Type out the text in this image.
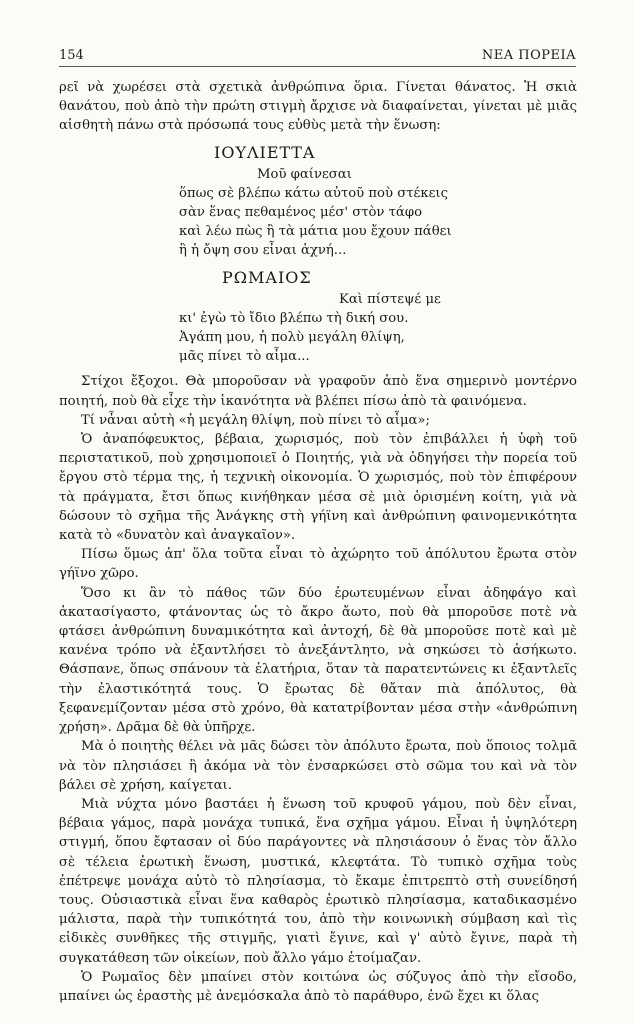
154	ΝΕΑ ΠΟΡΕΙΑ

ρεῖ νὰ χωρέσει στὰ σχετικὰ ἀνθρώπινα ὅρια. Γίνεται θάνατος. Ἡ σκιὰ θανάτου, ποὺ ἀπὸ τὴν πρώτη στιγμὴ ἄρχισε νὰ διαφαίνεται, γίνεται μὲ μιᾶς αἰσθητὴ πάνω στὰ πρόσωπά τους εὐθὺς μετὰ τὴν ἕνωση:

ΙΟΥΛΙΕΤΤΑ
Μοῦ φαίνεσαι
ὅπως σὲ βλέπω κάτω αὐτοῦ ποὺ στέκεις
σὰν ἕνας πεθαμένος μέσ' στὸν τάφο
καὶ λέω πὼς ἢ τὰ μάτια μου ἔχουν πάθει
ἢ ἡ ὄψη σου εἶναι ἀχνή...
ΡΩΜΑΙΟΣ
Καὶ πίστεψέ με
κι' ἐγὼ τὸ ἴδιο βλέπω τὴ δική σου.
Ἀγάπη μου, ἡ πολὺ μεγάλη θλίψη,
μᾶς πίνει τὸ αἷμα...

Στίχοι ἔξοχοι. Θὰ μποροῦσαν νὰ γραφοῦν ἀπὸ ἕνα σημερινὸ μοντέρνο ποιητή, ποὺ θὰ εἶχε τὴν ἱκανότητα νὰ βλέπει πίσω ἀπὸ τὰ φαινόμενα.

Τί νἆναι αὐτὴ «ἡ μεγάλη θλίψη, ποὺ πίνει τὸ αἷμα»;

Ὁ ἀναπόφευκτος, βέβαια, χωρισμός, ποὺ τὸν ἐπιβάλλει ἡ ὑφὴ τοῦ περιστατικοῦ, ποὺ χρησιμοποιεῖ ὁ Ποιητής, γιὰ νὰ ὁδηγήσει τὴν πορεία τοῦ ἔργου στὸ τέρμα της, ἡ τεχνικὴ οἰκονομία. Ὁ χωρισμός, ποὺ τὸν ἐπιφέρουν τὰ πράγματα, ἔτσι ὅπως κινήθηκαν μέσα σὲ μιὰ ὁρισμένη κοίτη, γιὰ νὰ δώσουν τὸ σχῆμα τῆς Ἀνάγκης στὴ γήϊνη καὶ ἀνθρώπινη φαινομενικότητα κατὰ τὸ «δυνατὸν καὶ ἀναγκαῖον».

Πίσω ὅμως ἀπ' ὅλα τοῦτα εἶναι τὸ ἀχώρητο τοῦ ἀπόλυτου ἔρωτα στὸν γήϊνο χῶρο.

Ὅσο κι ἂν τὸ πάθος τῶν δύο ἐρωτευμένων εἶναι ἀδηφάγο καὶ ἀκατασίγαστο, φτάνοντας ὡς τὸ ἄκρο ἄωτο, ποὺ θὰ μποροῦσε ποτὲ νὰ φτάσει ἀνθρώπινη δυναμικότητα καὶ ἀντοχή, δὲ θὰ μποροῦσε ποτὲ καὶ μὲ κανένα τρόπο νὰ ἐξαντλήσει τὸ ἀνεξάντλητο, νὰ σηκώσει τὸ ἀσήκωτο. Θάσπανε, ὅπως σπάνουν τὰ ἐλατήρια, ὅταν τὰ παρατεντώνεις κι ἐξαντλεῖς τὴν ἐλαστικότητά τους. Ὁ ἔρωτας δὲ θἄταν πιὰ ἀπόλυτος, θὰ ξεφανεμίζονταν μέσα στὸ χρόνο, θὰ κατατρίβονταν μέσα στὴν «ἀνθρώπινη χρήση». Δρᾶμα δὲ θὰ ὑπῆρχε.

Μὰ ὁ ποιητὴς θέλει νὰ μᾶς δώσει τὸν ἀπόλυτο ἔρωτα, ποὺ ὅποιος τολμᾶ νὰ τὸν πλησιάσει ἢ ἀκόμα νὰ τὸν ἐνσαρκώσει στὸ σῶμα του καὶ νὰ τὸν βάλει σὲ χρήση, καίγεται.

Μιὰ νύχτα μόνο βαστάει ἡ ἕνωση τοῦ κρυφοῦ γάμου, ποὺ δὲν εἶναι, βέβαια γάμος, παρὰ μονάχα τυπικά, ἕνα σχῆμα γάμου. Εἶναι ἡ ὑψηλότερη στιγμή, ὅπου ἔφτασαν οἱ δύο παράγοντες νὰ πλησιάσουν ὁ ἕνας τὸν ἄλλο σὲ τέλεια ἐρωτικὴ ἕνωση, μυστικά, κλεφτάτα. Τὸ τυπικὸ σχῆμα τοὺς ἐπέτρεψε μονάχα αὐτὸ τὸ πλησίασμα, τὸ ἔκαμε ἐπιτρεπτὸ στὴ συνείδησή τους. Οὐσιαστικὰ εἶναι ἕνα καθαρὸς ἐρωτικὸ πλησίασμα, καταδικασμένο μάλιστα, παρὰ τὴν τυπικότητά του, ἀπὸ τὴν κοινωνικὴ σύμβαση καὶ τὶς εἰδικὲς συνθῆκες τῆς στιγμῆς, γιατὶ ἔγινε, καὶ γ' αὐτὸ ἔγινε, παρὰ τὴ συγκατάθεση τῶν οἰκείων, ποὺ ἄλλο γάμο ἑτοίμαζαν.

Ὁ Ρωμαῖος δὲν μπαίνει στὸν κοιτώνα ὡς σύζυγος ἀπὸ τὴν εἴσοδο, μπαίνει ὡς ἐραστὴς μὲ ἀνεμόσκαλα ἀπὸ τὸ παράθυρο, ἐνῶ ἔχει κι ὅλας
